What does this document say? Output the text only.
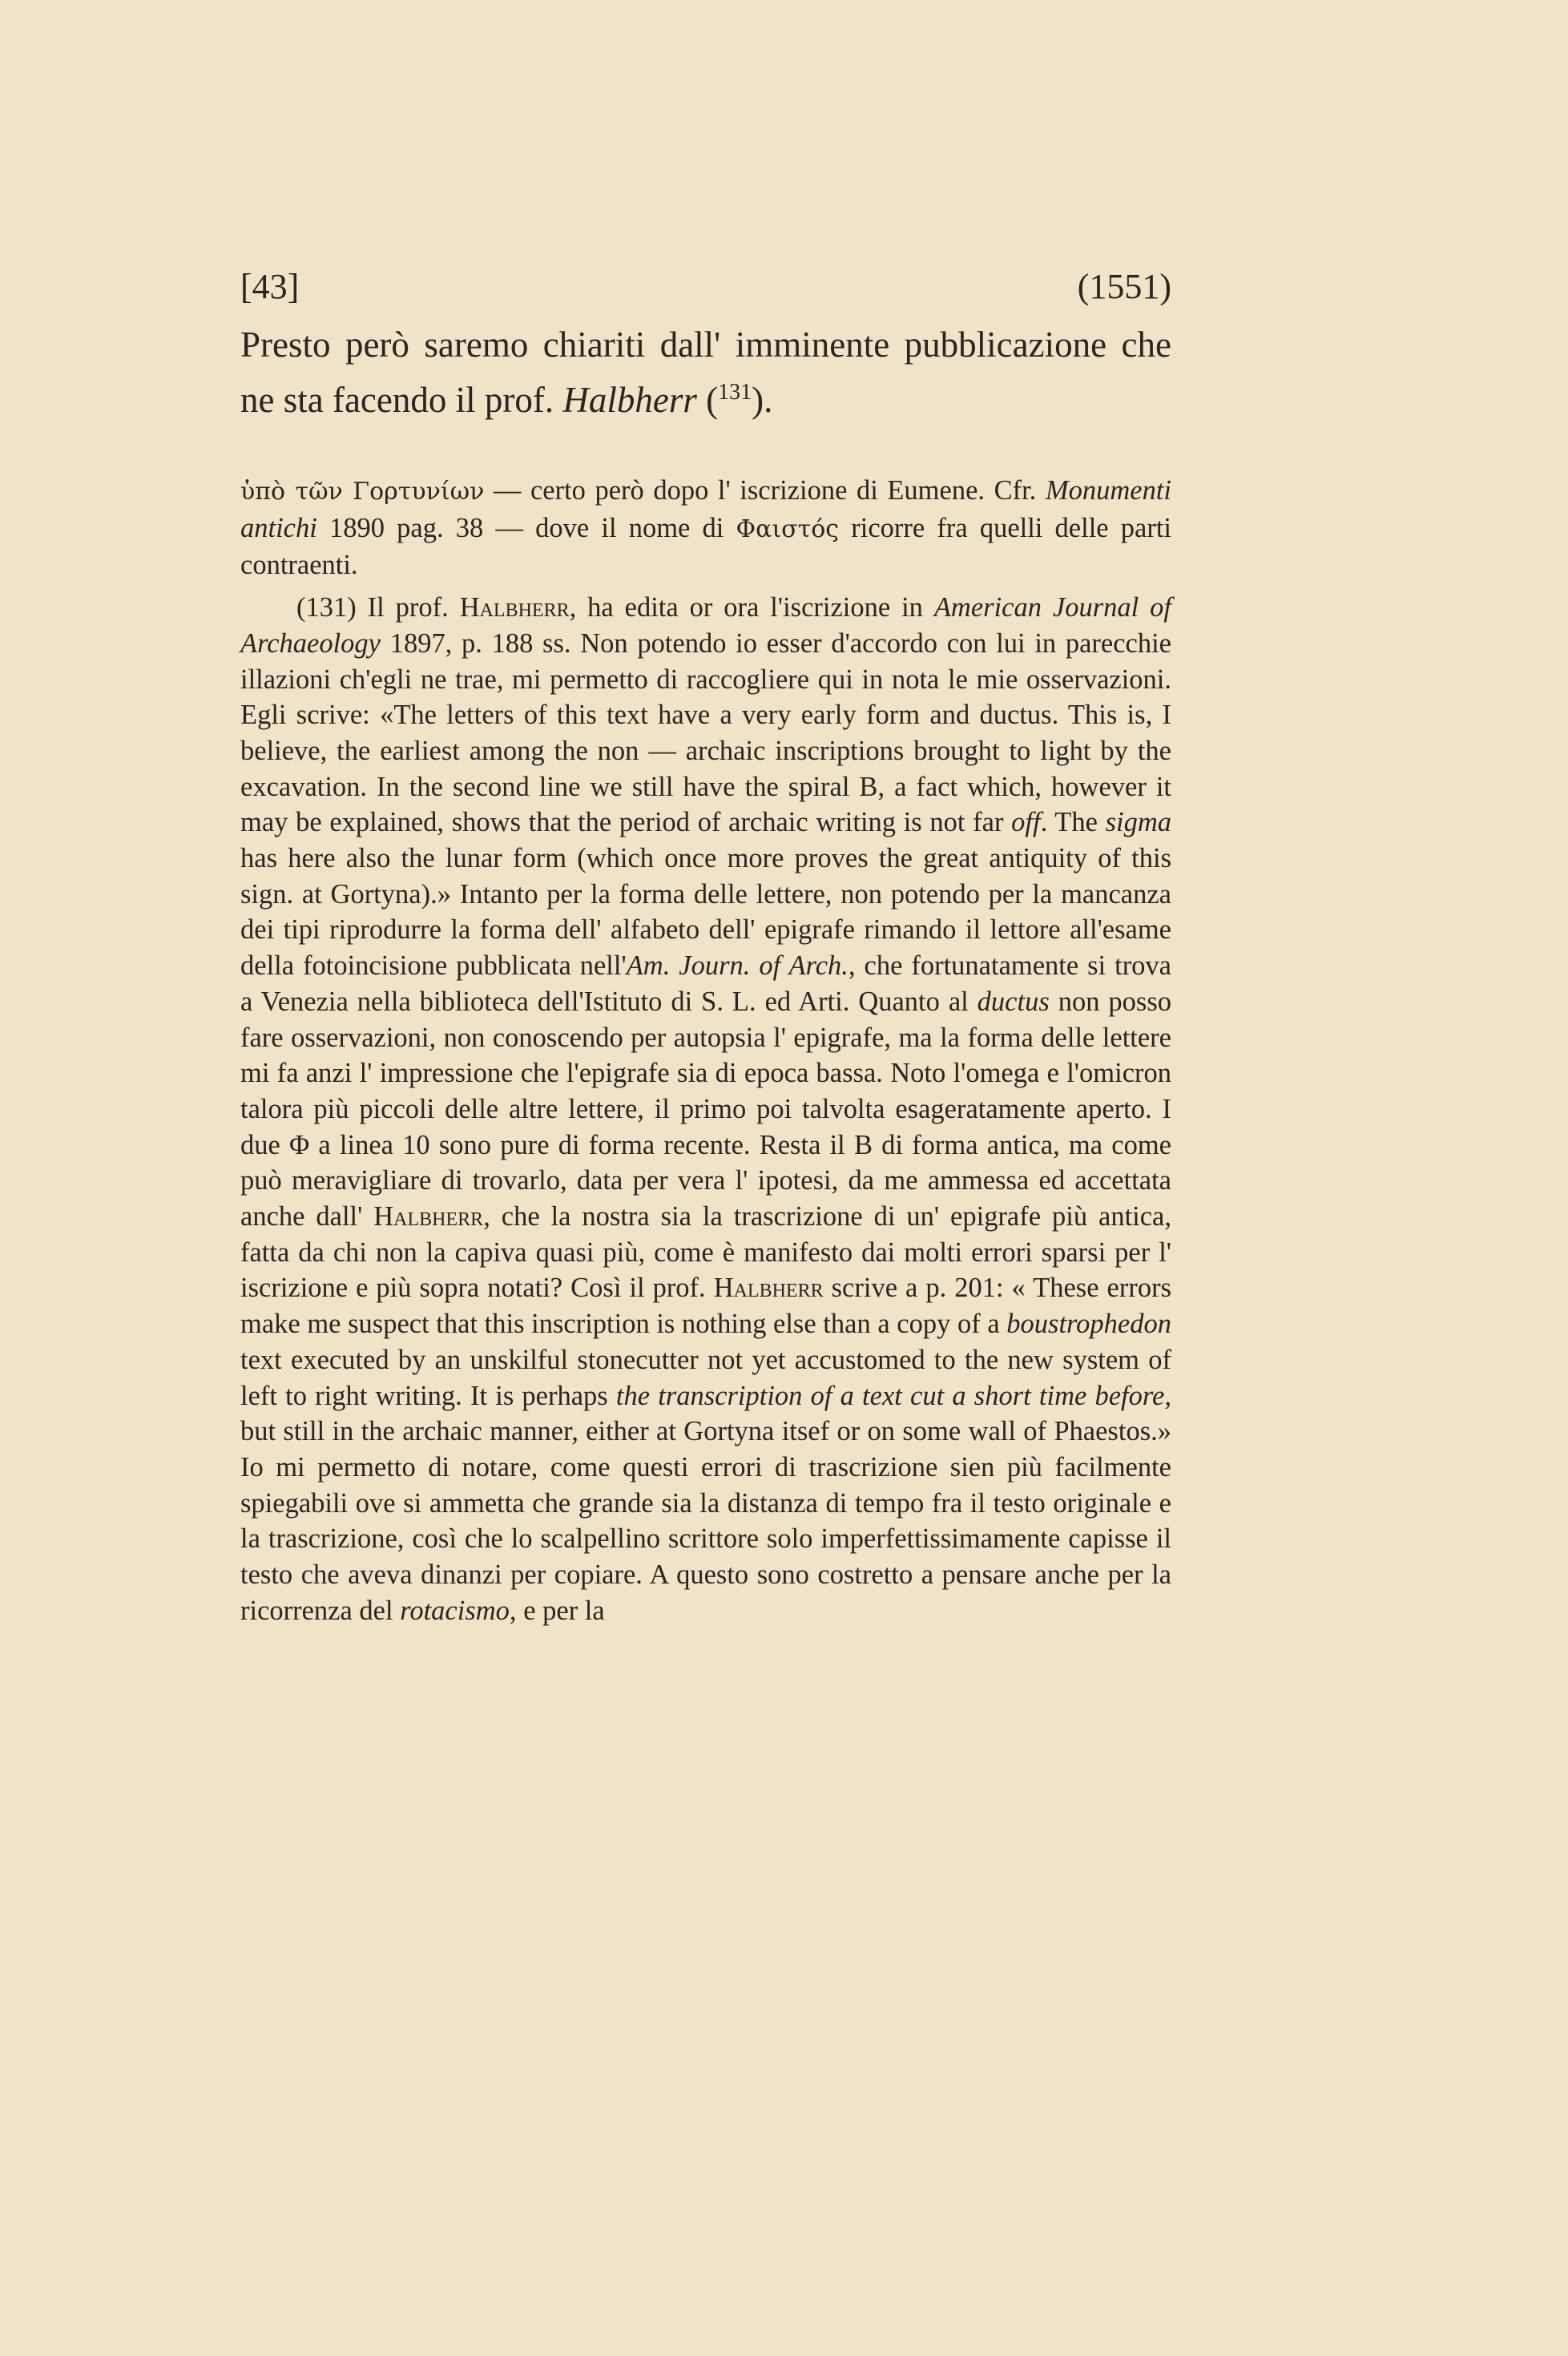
[43]	(1551)

Presto però saremo chiariti dall' imminente pubblicazione che ne sta facendo il prof. Halbherr ($^{131}$).

ὑπὸ τῶν Γορτυνίων — certo però dopo l' iscrizione di Eumene. Cfr. Monumenti antichi 1890 pag. 38 — dove il nome di Φαιστός ricorre fra quelli delle parti contraenti.

(131) Il prof. Halbherr, ha edita or ora l'iscrizione in American Journal of Archaeology 1897, p. 188 ss. Non potendo io esser d'accordo con lui in parecchie illazioni ch'egli ne trae, mi permetto di raccogliere qui in nota le mie osservazioni. Egli scrive: «The letters of this text have a very early form and ductus. This is, I believe, the earliest among the non — archaic inscriptions brought to light by the excavation. In the second line we still have the spiral B, a fact which, however it may be explained, shows that the period of archaic writing is not far off. The sigma has here also the lunar form (which once more proves the great antiquity of this sign. at Gortyna).» Intanto per la forma delle lettere, non potendo per la mancanza dei tipi riprodurre la forma dell' alfabeto dell' epigrafe rimando il lettore all'esame della fotoincisione pubblicata nell'Am. Journ. of Arch., che fortunatamente si trova a Venezia nella biblioteca dell'Istituto di S. L. ed Arti. Quanto al ductus non posso fare osservazioni, non conoscendo per autopsia l' epigrafe, ma la forma delle lettere mi fa anzi l' impressione che l'epigrafe sia di epoca bassa. Noto l'omega e l'omicron talora più piccoli delle altre lettere, il primo poi talvolta esageratamente aperto. I due Φ a linea 10 sono pure di forma recente. Resta il B di forma antica, ma come può meravigliare di trovarlo, data per vera l' ipotesi, da me ammessa ed accettata anche dall' Halbherr, che la nostra sia la trascrizione di un' epigrafe più antica, fatta da chi non la capiva quasi più, come è manifesto dai molti errori sparsi per l' iscrizione e più sopra notati? Così il prof. Halbherr scrive a p. 201: « These errors make me suspect that this inscription is nothing else than a copy of a boustrophedon text executed by an unskilful stonecutter not yet accustomed to the new system of left to right writing. It is perhaps the transcription of a text cut a short time before, but still in the archaic manner, either at Gortyna itsef or on some wall of Phaestos.» Io mi permetto di notare, come questi errori di trascrizione sien più facilmente spiegabili ove si ammetta che grande sia la distanza di tempo fra il testo originale e la trascrizione, così che lo scalpellino scrittore solo imperfettissimamente capisse il testo che aveva dinanzi per copiare. A questo sono costretto a pensare anche per la ricorrenza del rotacismo, e per la
